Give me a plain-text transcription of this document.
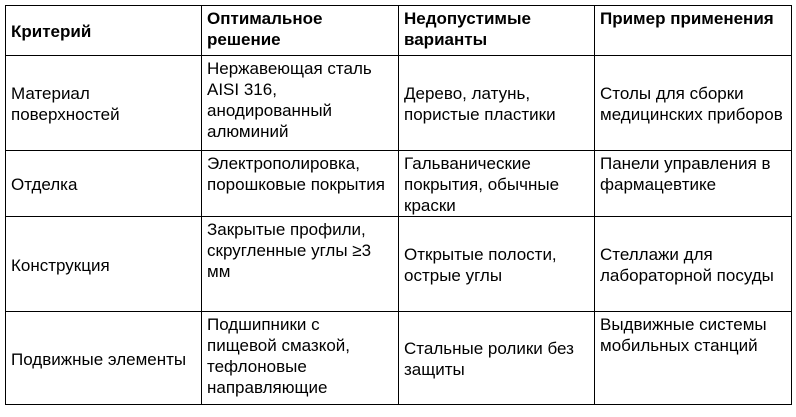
Критерий	Оптимальное решение	Недопустимые варианты	Пример применения
Материал поверхностей	Нержавеющая сталь AISI 316, анодированный алюминий	Дерево, латунь, пористые пластики	Столы для сборки медицинских приборов
Отделка	Электрополировка, порошковые покрытия	Гальванические покрытия, обычные краски	Панели управления в фармацевтике
Конструкция	Закрытые профили, скругленные углы ≥3 мм	Открытые полости, острые углы	Стеллажи для лабораторной посуды
Подвижные элементы	Подшипники с пищевой смазкой, тефлоновые направляющие	Стальные ролики без защиты	Выдвижные системы мобильных станций
